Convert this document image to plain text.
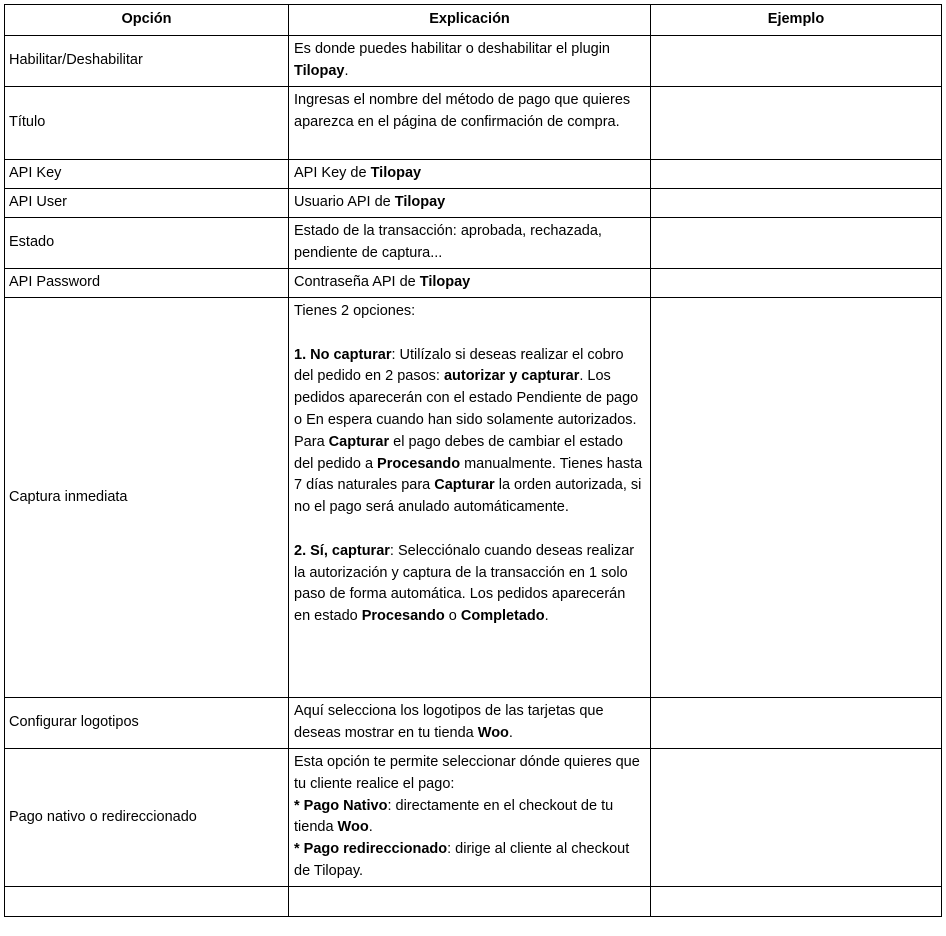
Opción	Explicación	Ejemplo
Habilitar/Deshabilitar	Es donde puedes habilitar o deshabilitar el plugin Tilopay.	
Título	Ingresas el nombre del método de pago que quieres aparezca en el página de confirmación de compra.	
API Key	API Key de Tilopay	
API User	Usuario API de Tilopay	
Estado	Estado de la transacción: aprobada, rechazada, pendiente de captura...	
API Password	Contraseña API de Tilopay	
Captura inmediata	Tienes 2 opciones:
1. No capturar: Utilízalo si deseas realizar el cobro del pedido en 2 pasos: autorizar y capturar. Los pedidos aparecerán con el estado Pendiente de pago o En espera cuando han sido solamente autorizados. Para Capturar el pago debes de cambiar el estado del pedido a Procesando manualmente. Tienes hasta 7 días naturales para Capturar la orden autorizada, si no el pago será anulado automáticamente.
2. Sí, capturar: Selecciónalo cuando deseas realizar la autorización y captura de la transacción en 1 solo paso de forma automática. Los pedidos aparecerán en estado Procesando o Completado.	

Configurar logotipos	Aquí selecciona los logotipos de las tarjetas que deseas mostrar en tu tienda Woo.	
Pago nativo o redireccionado	Esta opción te permite seleccionar dónde quieres que tu cliente realice el pago:
* Pago Nativo: directamente en el checkout de tu tienda Woo.
* Pago redireccionado: dirige al cliente al checkout de Tilopay.	
